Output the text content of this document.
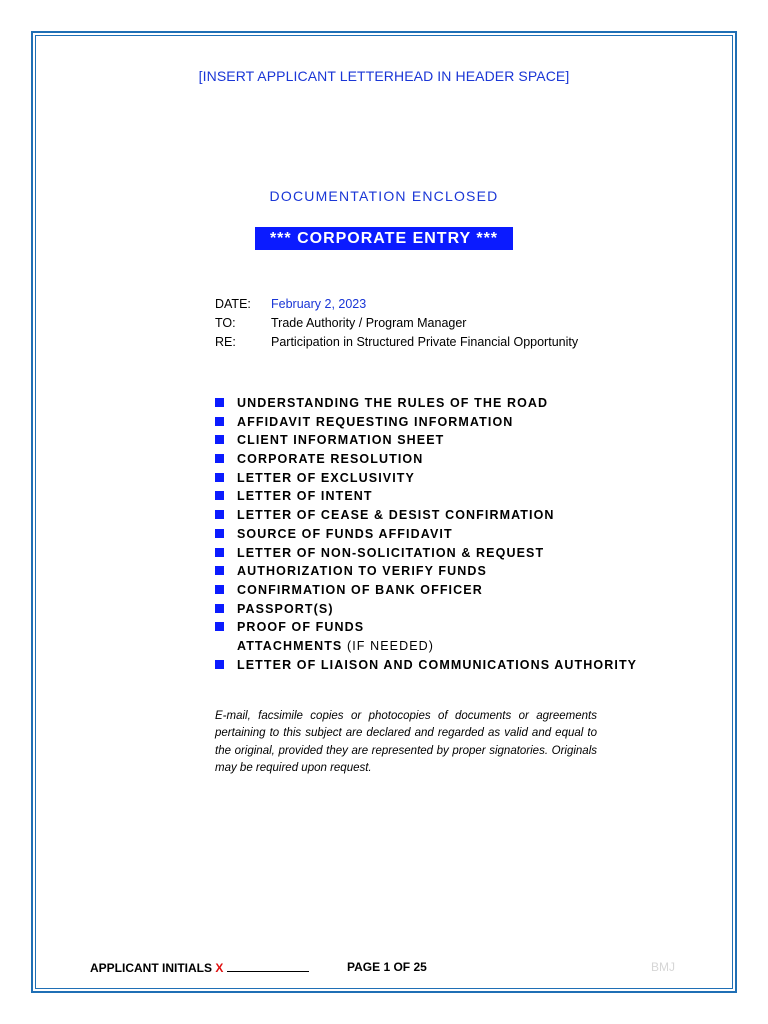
[INSERT APPLICANT LETTERHEAD IN HEADER SPACE]
DOCUMENTATION ENCLOSED
*** CORPORATE ENTRY ***
DATE:	February 2, 2023
TO:	Trade Authority / Program Manager
RE:	Participation in Structured Private Financial Opportunity
UNDERSTANDING THE RULES OF THE ROAD
AFFIDAVIT REQUESTING INFORMATION
CLIENT INFORMATION SHEET
CORPORATE RESOLUTION
LETTER OF EXCLUSIVITY
LETTER OF INTENT
LETTER OF CEASE & DESIST CONFIRMATION
SOURCE OF FUNDS AFFIDAVIT
LETTER OF NON-SOLICITATION & REQUEST
AUTHORIZATION TO VERIFY FUNDS
CONFIRMATION OF BANK OFFICER
PASSPORT(S)
PROOF OF FUNDS
ATTACHMENTS (IF NEEDED)
LETTER OF LIAISON AND COMMUNICATIONS AUTHORITY
E-mail, facsimile copies or photocopies of documents or agreements pertaining to this subject are declared and regarded as valid and equal to the original, provided they are represented by proper signatories. Originals may be required upon request.
APPLICANT INITIALS X	PAGE 1 OF 25	BMJ
